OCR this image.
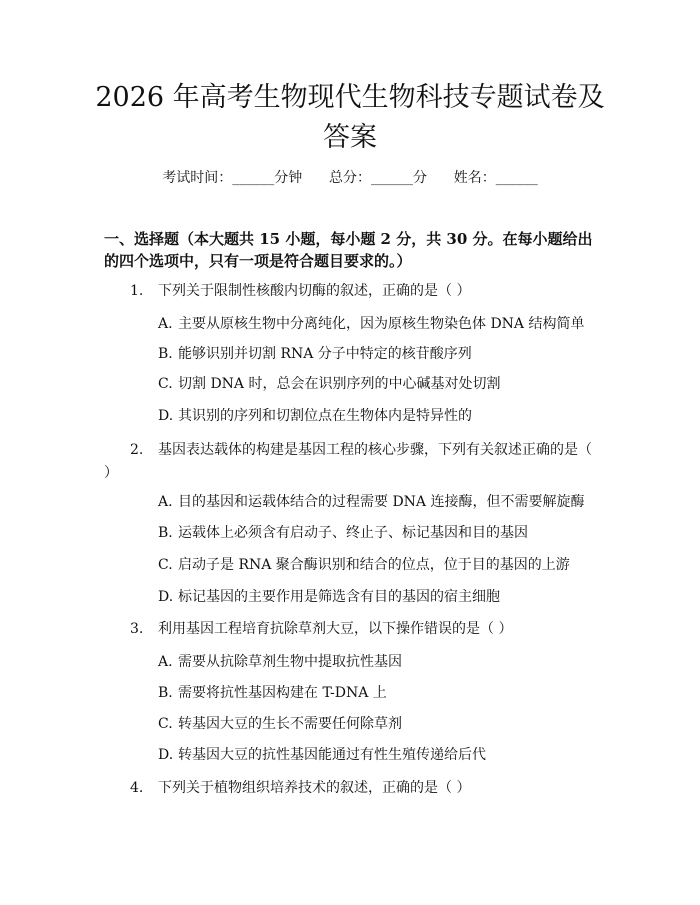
2026 年高考生物现代生物科技专题试卷及答案
考试时间：______分钟      总分：______分      姓名：______
一、选择题（本大题共 15 小题，每小题 2 分，共 30 分。在每小题给出的四个选项中，只有一项是符合题目要求的。）
1. 下列关于限制性核酸内切酶的叙述，正确的是（ ）
A. 主要从原核生物中分离纯化，因为原核生物染色体 DNA 结构简单
B. 能够识别并切割 RNA 分子中特定的核苷酸序列
C. 切割 DNA 时，总会在识别序列的中心碱基对处切割
D. 其识别的序列和切割位点在生物体内是特异性的
2. 基因表达载体的构建是基因工程的核心步骤，下列有关叙述正确的是（ ）
A. 目的基因和运载体结合的过程需要 DNA 连接酶，但不需要解旋酶
B. 运载体上必须含有启动子、终止子、标记基因和目的基因
C. 启动子是 RNA 聚合酶识别和结合的位点，位于目的基因的上游
D. 标记基因的主要作用是筛选含有目的基因的宿主细胞
3. 利用基因工程培育抗除草剂大豆，以下操作错误的是（ ）
A. 需要从抗除草剂生物中提取抗性基因
B. 需要将抗性基因构建在 T-DNA 上
C. 转基因大豆的生长不需要任何除草剂
D. 转基因大豆的抗性基因能通过有性生殖传递给后代
4. 下列关于植物组织培养技术的叙述，正确的是（ ）
